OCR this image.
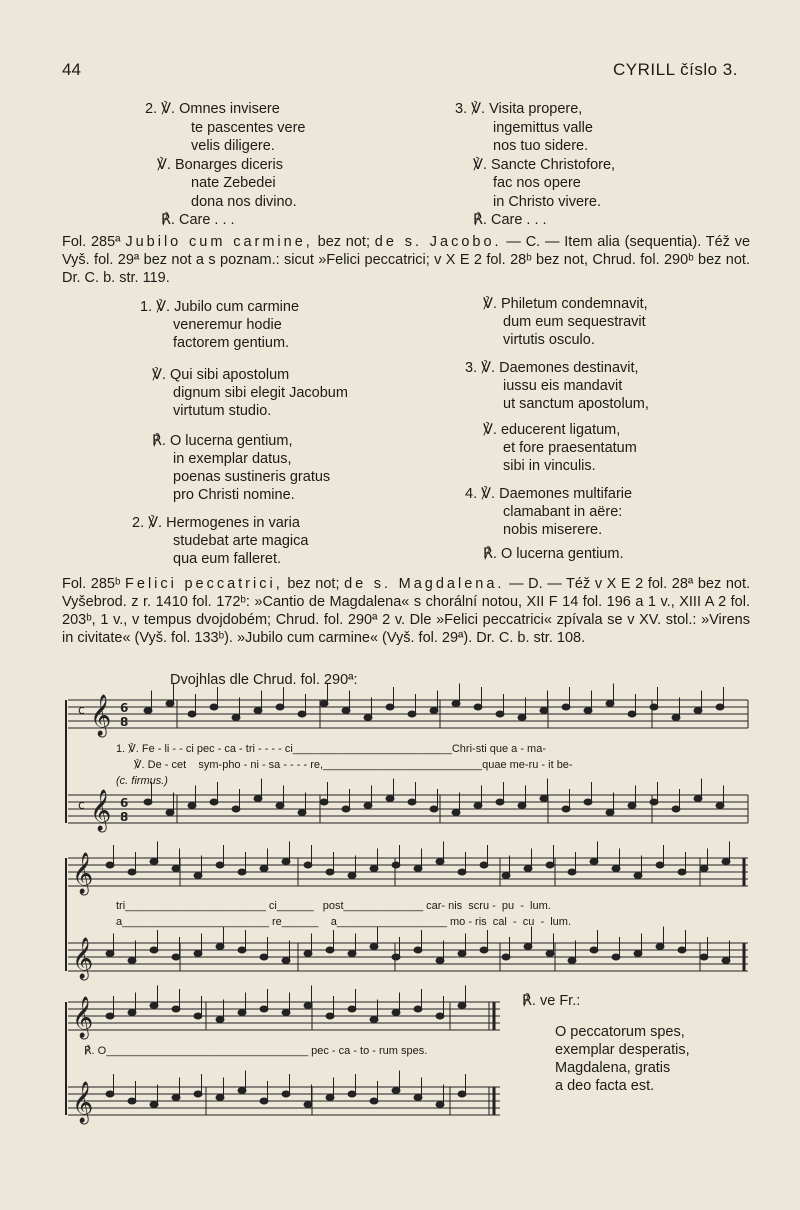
44	CYRILL číslo 3.
2. ℣. Omnes invisere
te pascentes vere
velis diligere.
℣. Bonarges diceris
nate Zebedei
dona nos divino.
℟. Care . . .
3. ℣. Visita propere,
ingemittus valle
nos tuo sidere.
℣. Sancte Christofore,
fac nos opere
in Christo vivere.
℟. Care . . .
Fol. 285ª Jubilo cum carmine, bez not; de s. Jacobo. — C. — Item alia (sequentia). Též ve Vyš. fol. 29ª bez not a s poznam.: sicut »Felici peccatrici; v X E 2 fol. 28ᵇ bez not, Chrud. fol. 290ᵇ bez not. Dr. C. b. str. 119.
1. ℣. Jubilo cum carmine
veneremur hodie
factorem gentium.
℣. Qui sibi apostolum
dignum sibi elegit Jacobum
virtutum studio.
℟. O lucerna gentium,
in exemplar datus,
poenas sustineris gratus
pro Christi nomine.
2. ℣. Hermogenes in varia
studebat arte magica
qua eum falleret.
℣. Philetum condemnavit,
dum eum sequestravit
virtutis osculo.
3. ℣. Daemones destinavit,
iussu eis mandavit
ut sanctum apostolum,
℣. educerent ligatum,
et fore praesentatum
sibi in vinculis.
4. ℣. Daemones multifarie
clamabant in aëre:
nobis miserere.
℟. O lucerna gentium.
Fol. 285ᵇ Felici peccatrici, bez not; de s. Magdalena. — D. — Též v X E 2 fol. 28ª bez not. Vyšebrod. z r. 1410 fol. 172ᵇ: »Cantio de Magdalena« s chorální notou, XII F 14 fol. 196 a 1 v., XIII A 2 fol. 203ᵇ, 1 v., v tempus dvojdobém; Chrud. fol. 290ª 2 v. Dle »Felici peccatrici« zpívala se v XV. stol.: »Virens in civitate« (Vyš. fol. 133ᵇ). »Jubilo cum carmine« (Vyš. fol. 29ª). Dr. C. b. str. 108.
Dvojhlas dle Chrud. fol. 290ª:
𝄞
𝄞
𝄞
𝄞
𝄞
𝄞
6
8
6
8
c
c
1. ℣. Fe - li - - ci pec - ca - tri - - - - ci__________________________Chri-sti que a - ma-
℣. De - cet    sym-pho - ni - sa - - - - re,__________________________quae me-ru - it be-
(c. firmus.)
tri_______________________ ci______   post_____________ car- nis  scru -  pu  -  lum.
a________________________ re______    a__________________ mo - ris  cal  -  cu  -  lum.
℟. O_________________________________ pec - ca - to - rum spes.
℟. ve Fr.:
O peccatorum spes,
exemplar desperatis,
Magdalena, gratis
a deo facta est.
